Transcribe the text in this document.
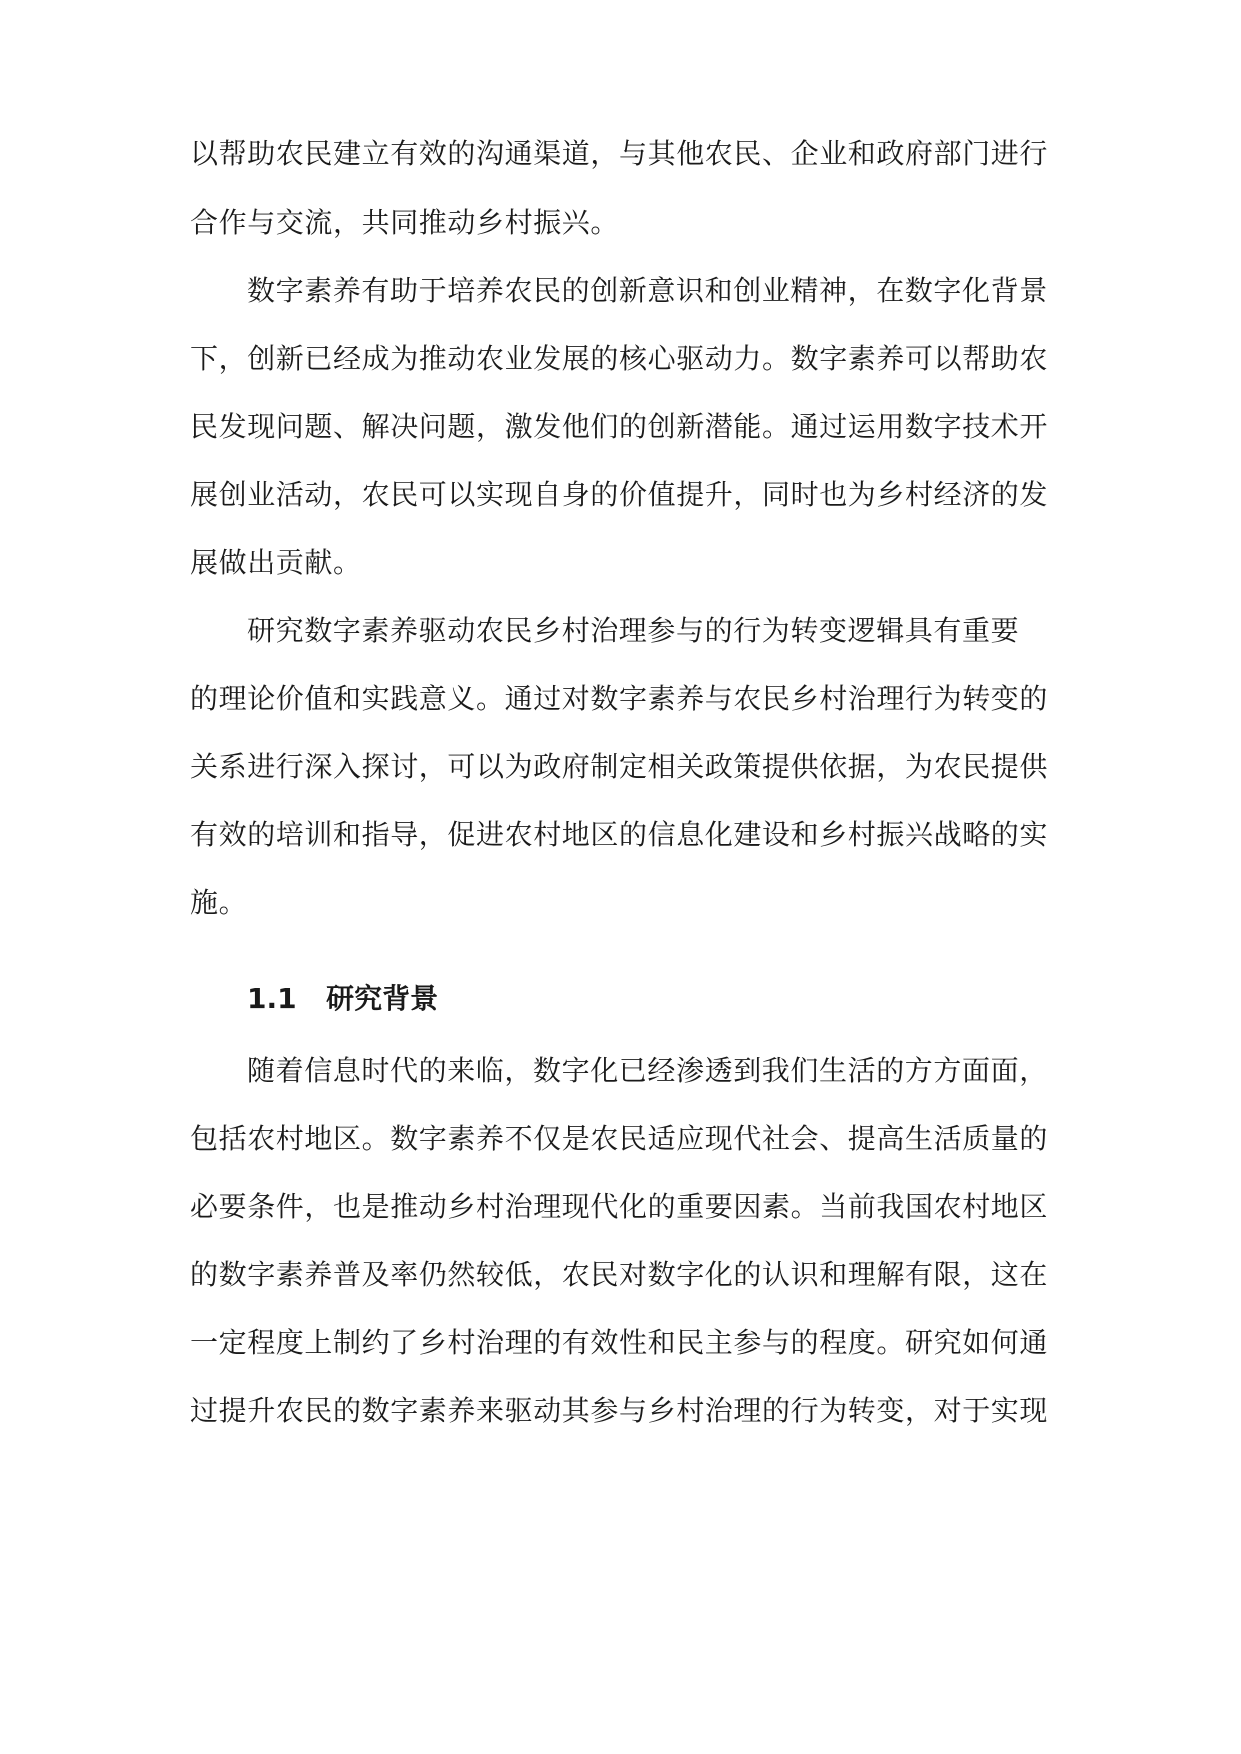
以帮助农民建立有效的沟通渠道，与其他农民、企业和政府部门进行
合作与交流，共同推动乡村振兴。
数字素养有助于培养农民的创新意识和创业精神，在数字化背景
下，创新已经成为推动农业发展的核心驱动力。数字素养可以帮助农
民发现问题、解决问题，激发他们的创新潜能。通过运用数字技术开
展创业活动，农民可以实现自身的价值提升，同时也为乡村经济的发
展做出贡献。
研究数字素养驱动农民乡村治理参与的行为转变逻辑具有重要
的理论价值和实践意义。通过对数字素养与农民乡村治理行为转变的
关系进行深入探讨，可以为政府制定相关政策提供依据，为农民提供
有效的培训和指导，促进农村地区的信息化建设和乡村振兴战略的实
施。
1.1 研究背景
随着信息时代的来临，数字化已经渗透到我们生活的方方面面，
包括农村地区。数字素养不仅是农民适应现代社会、提高生活质量的
必要条件，也是推动乡村治理现代化的重要因素。当前我国农村地区
的数字素养普及率仍然较低，农民对数字化的认识和理解有限，这在
一定程度上制约了乡村治理的有效性和民主参与的程度。研究如何通
过提升农民的数字素养来驱动其参与乡村治理的行为转变，对于实现
